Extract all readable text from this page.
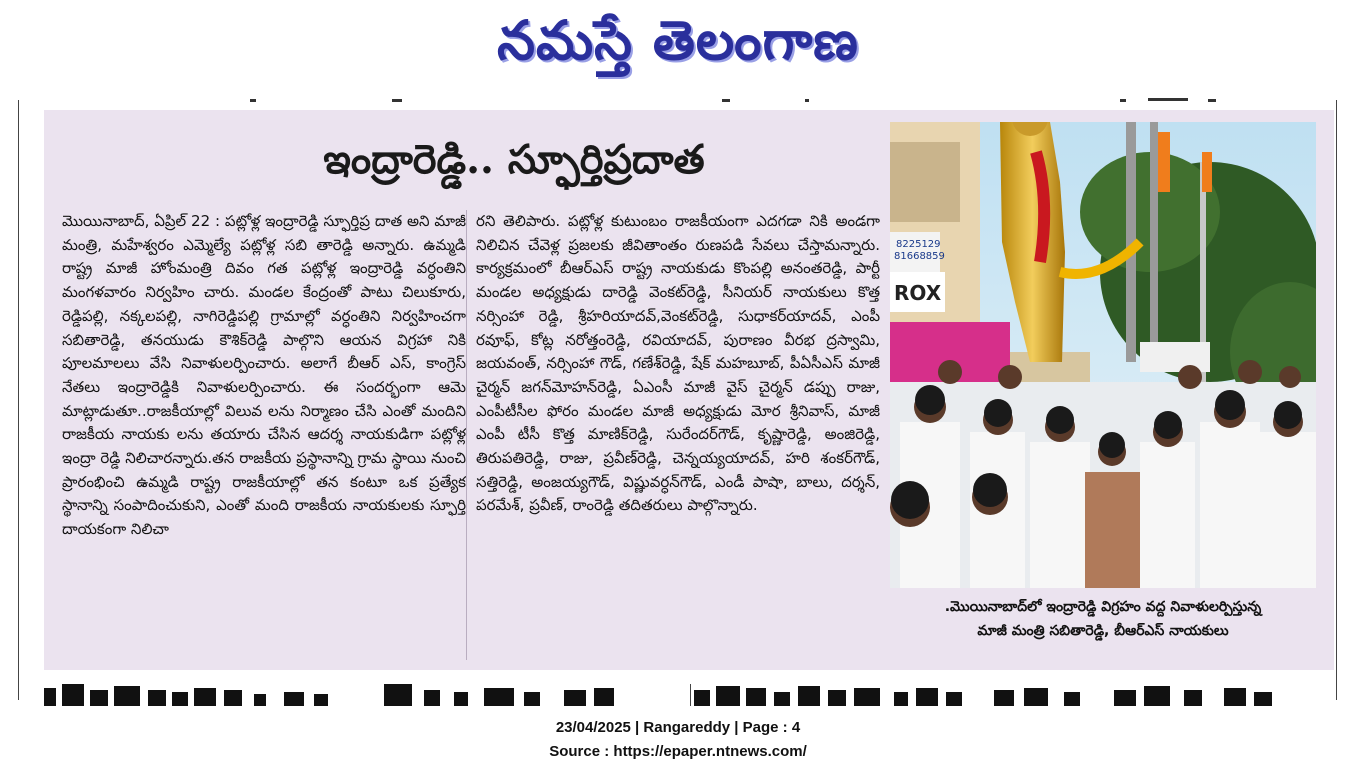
నమస్తే తెలంగాణ
ఇంద్రారెడ్డి.. స్ఫూర్తిప్రదాత
మొయినాబాద్, ఏప్రిల్ 22 : పట్లోళ్ల ఇంద్రారెడ్డి స్ఫూర్తిప్ర దాత అని మాజీ మంత్రి, మహేశ్వరం ఎమ్మెల్యే పట్లోళ్ల సబి తారెడ్డి అన్నారు. ఉమ్మడి రాష్ట్ర మాజీ హోంమంత్రి దివం గత పట్లోళ్ల ఇంద్రారెడ్డి వర్ధంతిని మంగళవారం నిర్వహిం చారు. మండల కేంద్రంతో పాటు చిలుకూరు, రెడ్డిపల్లి, నక్కలపల్లి, నాగిరెడ్డిపల్లి గ్రామాల్లో వర్ధంతిని నిర్వహించగా సబితారెడ్డి, తనయుడు కౌశిక్‌రెడ్డి పాల్గొని ఆయన విగ్రహా నికి పూలమాలలు వేసి నివాళులర్పించారు. అలాగే బీఆర్ ఎస్, కాంగ్రెస్ నేతలు ఇంద్రారెడ్డికి నివాళులర్పించారు. ఈ సందర్భంగా ఆమె మాట్లాడుతూ..రాజకీయాల్లో విలువ లను నిర్మాణం చేసి ఎంతో మందిని రాజకీయ నాయకు లను తయారు చేసిన ఆదర్శ నాయకుడిగా పట్లోళ్ల ఇంద్రా రెడ్డి నిలిచారన్నారు.తన రాజకీయ ప్రస్థానాన్ని గ్రామ స్థాయి నుంచి ప్రారంభించి ఉమ్మడి రాష్ట్ర రాజకీయాల్లో తన కంటూ ఒక ప్రత్యేక స్థానాన్ని సంపాదించుకుని, ఎంతో మంది రాజకీయ నాయకులకు స్ఫూర్తి దాయకంగా నిలిచా
రని తెలిపారు. పట్లోళ్ల కుటుంబం రాజకీయంగా ఎదగడా నికి అండగా నిలిచిన చేవెళ్ల ప్రజలకు జీవితాంతం రుణపడి సేవలు చేస్తామన్నారు. కార్యక్రమంలో బీఆర్ఎస్ రాష్ట్ర నాయకుడు కొంపల్లి అనంతరెడ్డి, పార్టీ మండల అధ్యక్షుడు దారెడ్డి వెంకట్‌రెడ్డి, సీనియర్ నాయకులు కొత్త నర్సింహా రెడ్డి, శ్రీహరియాదవ్,వెంకట్‌రెడ్డి, సుధాకర్‌యాదవ్, ఎంపీ రవూఫ్, కోట్ల నరోత్తంరెడ్డి, రవియాదవ్, పురాణం వీరభ ద్రస్వామి, జయవంత్, నర్సింహా గౌడ్, గణేశ్‌రెడ్డి, షేక్ మహబూబ్, పీఏసీఎస్ మాజీ చైర్మన్ జగన్‌మోహన్‌రెడ్డి, ఏఎంసీ మాజీ వైస్ చైర్మన్ డప్పు రాజు, ఎంపీటీసీల ఫోరం మండల మాజీ అధ్యక్షుడు మోర శ్రీనివాస్, మాజీ ఎంపీ టీసీ కొత్త మాణిక్‌రెడ్డి, సురేందర్‌గౌడ్, కృష్ణారెడ్డి, అంజిరెడ్డి, తిరుపతిరెడ్డి, రాజు, ప్రవీణ్‌రెడ్డి, చెన్నయ్యయాదవ్, హరి శంకర్‌గౌడ్, సత్తిరెడ్డి, అంజయ్యగౌడ్, విష్ణువర్ధన్‌గౌడ్, ఎండీ పాషా, బాలు, దర్శన్, పరమేశ్, ప్రవీణ్, రాంరెడ్డి తదితరులు పాల్గొన్నారు.
8225129
81668859
ROX
.మొయినాబాద్‌లో ఇంద్రారెడ్డి విగ్రహం వద్ద నివాళులర్పిస్తున్న
మాజీ మంత్రి సబితారెడ్డి, బీఆర్ఎస్ నాయకులు
23/04/2025 | Rangareddy | Page : 4
Source : https://epaper.ntnews.com/
